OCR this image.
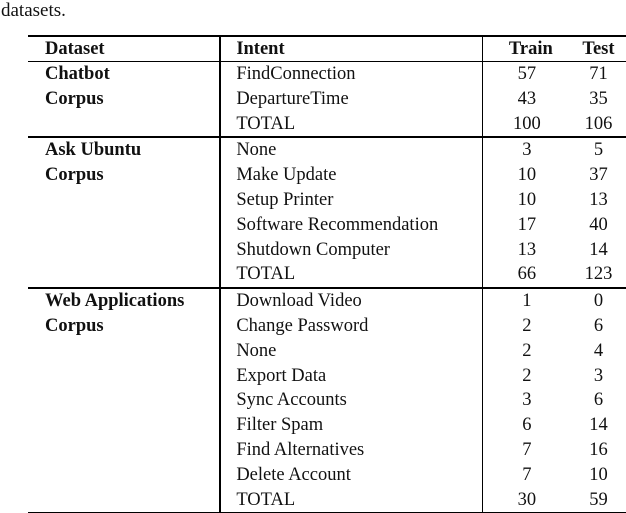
datasets.
Dataset	Intent	Train	Test
Chatbot	FindConnection	57	71
Corpus	DepartureTime	43	35
	TOTAL	100	106
Ask Ubuntu	None	3	5
Corpus	Make Update	10	37
	Setup Printer	10	13
	Software Recommendation	17	40
	Shutdown Computer	13	14
	TOTAL	66	123
Web Applications	Download Video	1	0
Corpus	Change Password	2	6
	None	2	4
	Export Data	2	3
	Sync Accounts	3	6
	Filter Spam	6	14
	Find Alternatives	7	16
	Delete Account	7	10
	TOTAL	30	59
